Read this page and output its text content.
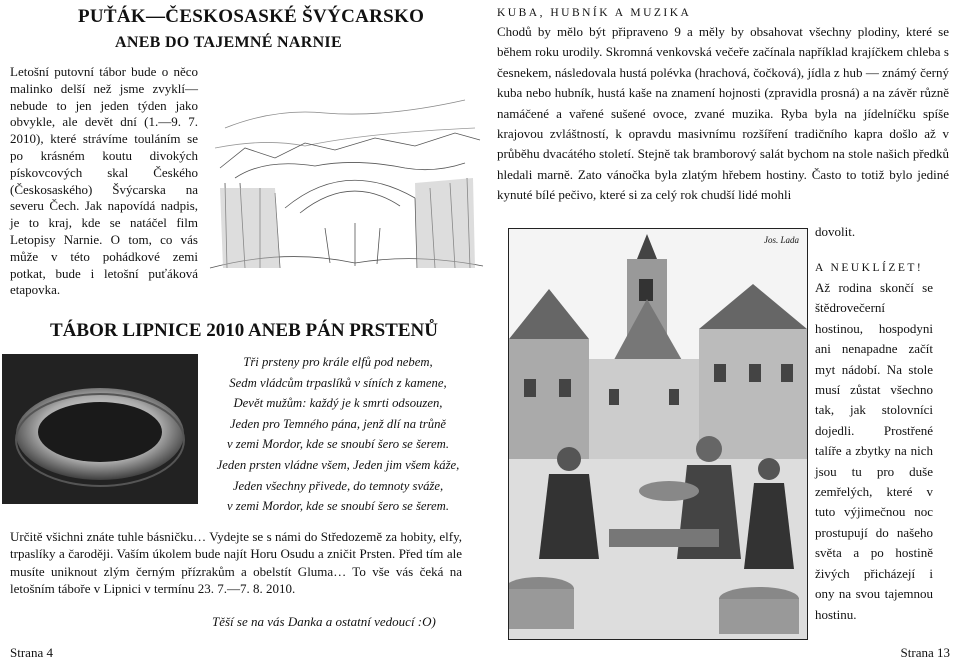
PUŤÁK—ČESKOSASKÉ ŠVÝCARSKO
ANEB DO TAJEMNÉ NARNIE
Letošní putovní tábor bude o něco malinko delší než jsme zvyklí—nebude to jen jeden týden jako obvykle, ale devět dní (1.—9. 7. 2010), které strávíme touláním se po krásném koutu divokých pískovcových skal Českého (Českosaského) Švýcarska na severu Čech. Jak napovídá nadpis, je to kraj, kde se natáčel film Letopisy Narnie. O tom, co vás může v této pohádkové zemi potkat, bude i letošní puťáková etapovka.
TÁBOR LIPNICE 2010 ANEB PÁN PRSTENŮ
Tři prsteny pro krále elfů pod nebem,
Sedm vládcům trpaslíků v síních z kamene,
Devět mužům: každý je k smrti odsouzen,
Jeden pro Temného pána, jenž dlí na trůně
v zemi Mordor, kde se snoubí šero se šerem.
Jeden prsten vládne všem, Jeden jim všem káže,
Jeden všechny přivede, do temnoty sváže,
v zemi Mordor, kde se snoubí šero se šerem.
Určitě všichni znáte tuhle básničku… Vydejte se s námi do Středozemě za hobity, elfy, trpaslíky a čaroději. Vaším úkolem bude najít Horu Osudu a zničit Prsten. Před tím ale musíte uniknout zlým černým přízrakům a obelstít Gluma… To vše vás čeká na letošním táboře v Lipnici v termínu 23. 7.—7. 8. 2010.
Těší se na vás Danka a ostatní vedoucí :O)
Strana 4
KUBA, HUBNÍK A MUZIKA
Chodů by mělo být připraveno 9 a měly by obsahovat všechny plodiny, které se během roku urodily. Skromná venkovská večeře začínala například krajíčkem chleba s česnekem, následovala hustá polévka (hrachová, čočková), jídla z hub — známý černý kuba nebo hubník, hustá kaše na znamení hojnosti (zpravidla prosná) a na závěr různě namáčené a vařené sušené ovoce, zvané muzika. Ryba byla na jídelníčku spíše krajovou zvláštností, k opravdu masivnímu rozšíření tradičního kapra došlo až v průběhu dvacátého století. Stejně tak bramborový salát bychom na stole našich předků hledali marně. Zato vánočka byla zlatým hřebem hostiny. Často to totiž bylo jediné kynuté bílé pečivo, které si za celý rok chudší lidé mohli
dovolit.
Jos. Lada
A NEUKLÍZET!
Až rodina skončí se štědrovečerní hostinou, hospodyni ani nenapadne začít myt nádobí. Na stole musí zůstat všechno tak, jak stolovníci dojedli. Prostřené talíře a zbytky na nich jsou tu pro duše zemřelých, které v tuto výjimečnou noc prostupují do našeho světa a po hostině živých přicházejí i ony na svou tajemnou hostinu.
Strana 13
